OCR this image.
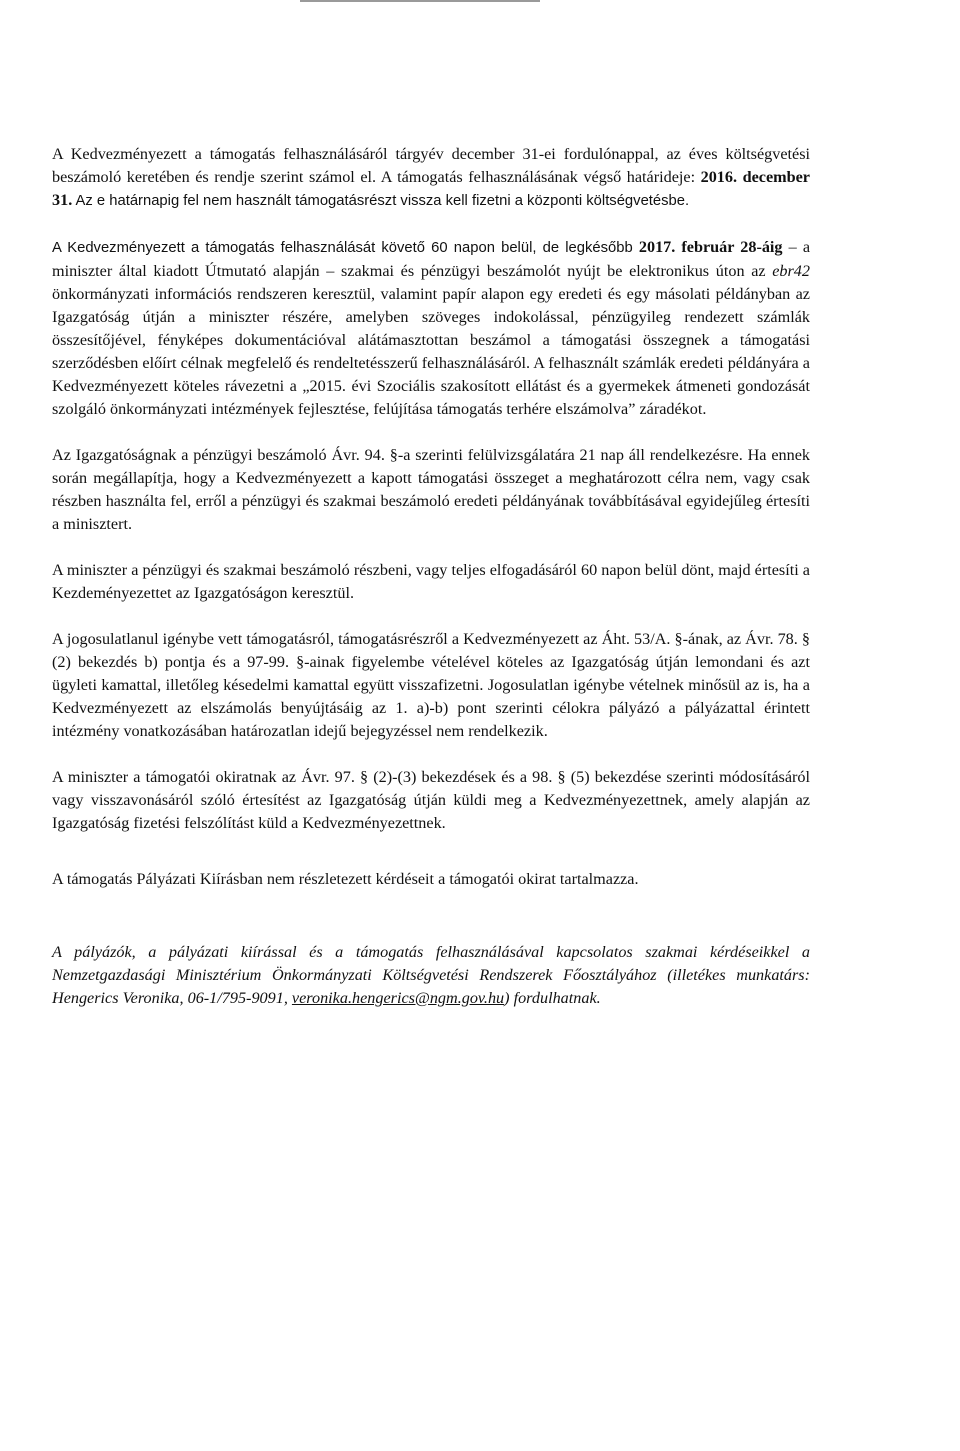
A Kedvezményezett a támogatás felhasználásáról tárgyév december 31-ei fordulónappal, az éves költségvetési beszámoló keretében és rendje szerint számol el. A támogatás felhasználásának végső határideje: 2016. december 31. Az e határnapig fel nem használt támogatásrészt vissza kell fizetni a központi költségvetésbe.

A Kedvezményezett a támogatás felhasználását követő 60 napon belül, de legkésőbb 2017. február 28-áig – a miniszter által kiadott Útmutató alapján – szakmai és pénzügyi beszámolót nyújt be elektronikus úton az ebr42 önkormányzati információs rendszeren keresztül, valamint papír alapon egy eredeti és egy másolati példányban az Igazgatóság útján a miniszter részére, amelyben szöveges indokolással, pénzügyileg rendezett számlák összesítőjével, fényképes dokumentációval alátámasztottan beszámol a támogatási összegnek a támogatási szerződésben előírt célnak megfelelő és rendeltetésszerű felhasználásáról. A felhasznált számlák eredeti példányára a Kedvezményezett köteles rávezetni a „2015. évi Szociális szakosított ellátást és a gyermekek átmeneti gondozását szolgáló önkormányzati intézmények fejlesztése, felújítása támogatás terhére elszámolva” záradékot.

Az Igazgatóságnak a pénzügyi beszámoló Ávr. 94. §-a szerinti felülvizsgálatára 21 nap áll rendelkezésre. Ha ennek során megállapítja, hogy a Kedvezményezett a kapott támogatási összeget a meghatározott célra nem, vagy csak részben használta fel, erről a pénzügyi és szakmai beszámoló eredeti példányának továbbításával egyidejűleg értesíti a minisztert.

A miniszter a pénzügyi és szakmai beszámoló részbeni, vagy teljes elfogadásáról 60 napon belül dönt, majd értesíti a Kezdeményezettet az Igazgatóságon keresztül.

A jogosulatlanul igénybe vett támogatásról, támogatásrészről a Kedvezményezett az Áht. 53/A. §-ának, az Ávr. 78. § (2) bekezdés b) pontja és a 97-99. §-ainak figyelembe vételével köteles az Igazgatóság útján lemondani és azt ügyleti kamattal, illetőleg késedelmi kamattal együtt visszafizetni. Jogosulatlan igénybe vételnek minősül az is, ha a Kedvezményezett az elszámolás benyújtásáig az 1. a)-b) pont szerinti célokra pályázó a pályázattal érintett intézmény vonatkozásában határozatlan idejű bejegyzéssel nem rendelkezik.

A miniszter a támogatói okiratnak az Ávr. 97. § (2)-(3) bekezdések és a 98. § (5) bekezdése szerinti módosításáról vagy visszavonásáról szóló értesítést az Igazgatóság útján küldi meg a Kedvezményezettnek, amely alapján az Igazgatóság fizetési felszólítást küld a Kedvezményezettnek.

A támogatás Pályázati Kiírásban nem részletezett kérdéseit a támogatói okirat tartalmazza.

A pályázók, a pályázati kiírással és a támogatás felhasználásával kapcsolatos szakmai kérdéseikkel a Nemzetgazdasági Minisztérium Önkormányzati Költségvetési Rendszerek Főosztályához (illetékes munkatárs: Hengerics Veronika, 06-1/795-9091, veronika.hengerics@ngm.gov.hu) fordulhatnak.
